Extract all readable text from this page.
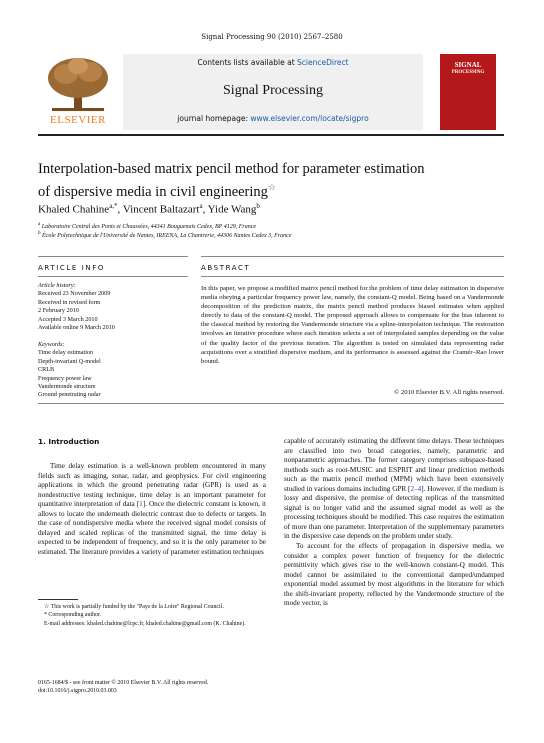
Signal Processing 90 (2010) 2567–2580
ELSEVIER
Contents lists available at ScienceDirect
Signal Processing
journal homepage: www.elsevier.com/locate/sigpro
SIGNAL
PROCESSING
Interpolation-based matrix pencil method for parameter estimation
of dispersive media in civil engineering☆
Khaled Chahine$^{a,*}$, Vincent Baltazart$^a$, Yide Wang$^b$
$^a$ Laboratoire Central des Ponts et Chaussées, 44341 Bouguenais Cedex, BP 4129, France
$^b$ École Polytechnique de l'Université de Nantes, IREENA, La Chantrerie, 44306 Nantes Cedex 3, France
ARTICLE INFO	ABSTRACT
Article history:
Received 23 November 2009
Received in revised form
2 February 2010
Accepted 3 March 2010
Available online 9 March 2010
Keywords:
Time delay estimation
Depth-invariant Q-model
CRLB
Frequency power law
Vandermonde structure
Ground penetrating radar
In this paper, we propose a modified matrix pencil method for the problem of time delay estimation in dispersive media obeying a particular frequency power law, namely, the constant-Q model. Being based on a Vandermonde decomposition of the prediction matrix, the matrix pencil method produces biased estimates when applied directly to data of the constant-Q model. The proposed approach allows to compensate for the bias inherent to the classical method by restoring the Vandermonde structure via a spline-interpolation technique. The restoration involves an iterative procedure where each iteration selects a set of interpolated samples depending on the value of the quality factor of the previous iteration. The algorithm is tested on simulated data representing radar acquisitions over a stratified dispersive medium, and its performance is assessed against the Cramér–Rao lower bound.
© 2010 Elsevier B.V. All rights reserved.
1. Introduction

Time delay estimation is a well-known problem encountered in many fields such as imaging, sonar, radar, and geophysics. For civil engineering applications in which the ground penetrating radar (GPR) is used as a nondestructive testing technique, time delay is an important parameter for quantitative interpretation of data [1]. Once the dielectric constant is known, it allows to locate the underneath dielectric contrast due to defects or targets. In the case of nondispersive media where the received signal model consists of delayed and scaled replicas of the transmitted signal, the time delay is expected to be independent of frequency, and so it is the only parameter to be estimated. The literature provides a variety of parameter estimation techniques

capable of accurately estimating the different time delays. These techniques are classified into two broad categories, namely, parametric and nonparametric approaches. The former category comprises subspace-based methods such as root-MUSIC and ESPRIT and linear prediction methods such as the matrix pencil method (MPM) which have been extensively studied in various domains including GPR [2–4]. However, if the medium is lossy and dispersive, the premise of detecting replicas of the transmitted signal is no longer valid and the assumed signal model as well as the processing techniques should be modified. This case requires the estimation of more than one parameter. Interpretation of the supplementary parameters in the dispersive case depends on the problem under study.

To account for the effects of propagation in dispersive media, we consider a complex power function of frequency for the dielectric permittivity which gives rise to the well-known constant-Q model. This model cannot be assimilated to the conventional damped/undamped exponential model assumed by most algorithms in the literature for which the shift-invariant property, reflected by the Vandermonde structure of the mode vector, is

☆ This work is partially funded by the "Pays de la Loire" Regional Council.

* Corresponding author.

E-mail addresses: khaled.chahine@lcpc.fr, khaled.chahine@gmail.com (K. Chahine).

0165-1684/$ - see front matter © 2010 Elsevier B.V. All rights reserved.
doi:10.1016/j.sigpro.2010.03.003
